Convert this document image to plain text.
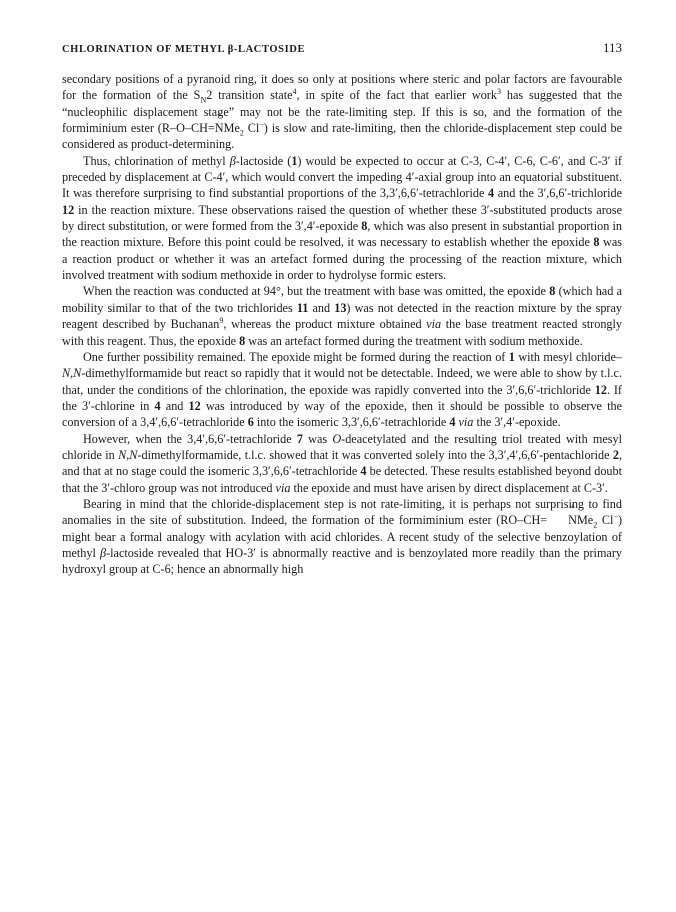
CHLORINATION OF METHYL β-LACTOSIDE	113

secondary positions of a pyranoid ring, it does so only at positions where steric and polar factors are favourable for the formation of the $S_N2$ transition state$^4$, in spite of the fact that earlier work$^3$ has suggested that the “nucleophilic displacement stage” may not be the rate-limiting step. If this is so, and the formation of the formiminium ester (R–O–CH=+ NMe$_2$ Cl−) is slow and rate-limiting, then the chloride-displacement step could be considered as product-determining.

Thus, chlorination of methyl β-lactoside (1) would be expected to occur at C-3, C-4′, C-6, C-6′, and C-3′ if preceded by displacement at C-4′, which would convert the impeding 4′-axial group into an equatorial substituent. It was therefore surprising to find substantial proportions of the 3,3′,6,6′-tetrachloride 4 and the 3′,6,6′-trichloride 12 in the reaction mixture. These observations raised the question of whether these 3′-substituted products arose by direct substitution, or were formed from the 3′,4′-epoxide 8, which was also present in substantial proportion in the reaction mixture. Before this point could be resolved, it was necessary to establish whether the epoxide 8 was a reaction product or whether it was an artefact formed during the processing of the reaction mixture, which involved treatment with sodium methoxide in order to hydrolyse formic esters.

When the reaction was conducted at 94°, but the treatment with base was omitted, the epoxide 8 (which had a mobility similar to that of the two trichlorides 11 and 13) was not detected in the reaction mixture by the spray reagent described by Buchanan$^9$, whereas the product mixture obtained via the base treatment reacted strongly with this reagent. Thus, the epoxide 8 was an artefact formed during the treatment with sodium methoxide.

One further possibility remained. The epoxide might be formed during the reaction of 1 with mesyl chloride–N,N-dimethylformamide but react so rapidly that it would not be detectable. Indeed, we were able to show by t.l.c. that, under the conditions of the chlorination, the epoxide was rapidly converted into the 3′,6,6′-trichloride 12. If the 3′-chlorine in 4 and 12 was introduced by way of the epoxide, then it should be possible to observe the conversion of a 3,4′,6,6′-tetrachloride 6 into the isomeric 3,3′,6,6′-tetrachloride 4 via the 3′,4′-epoxide.

However, when the 3,4′,6,6′-tetrachloride 7 was O-deacetylated and the resulting triol treated with mesyl chloride in N,N-dimethylformamide, t.l.c. showed that it was converted solely into the 3,3′,4′,6,6′-pentachloride 2, and that at no stage could the isomeric 3,3′,6,6′-tetrachloride 4 be detected. These results established beyond doubt that the 3′-chloro group was not introduced via the epoxide and must have arisen by direct displacement at C-3′.

Bearing in mind that the chloride-displacement step is not rate-limiting, it is perhaps not surprising to find anomalies in the site of substitution. Indeed, the formation of the formiminium ester (RO–CH=+ NMe$_2$ Cl−) might bear a formal analogy with acylation with acid chlorides. A recent study of the selective benzoylation of methyl β-lactoside revealed that HO-3′ is abnormally reactive and is benzoylated more readily than the primary hydroxyl group at C-6; hence an abnormally high
